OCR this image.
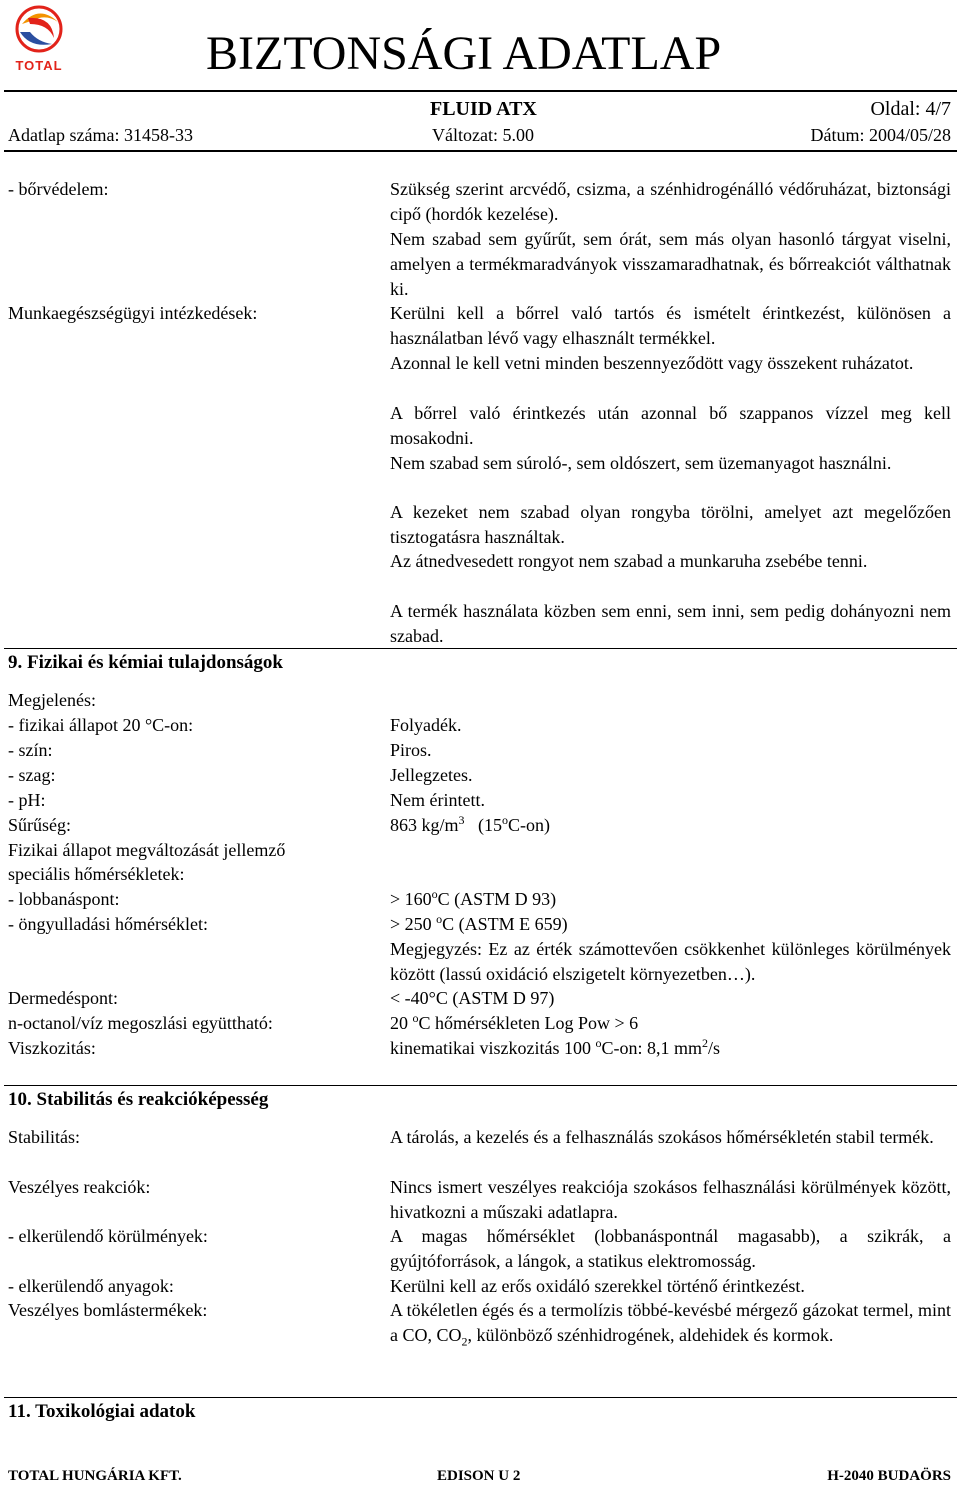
TOTAL	BIZTONSÁGI ADATLAP
FLUID ATX	Oldal: 4/7
Adatlap száma: 31458-33	Változat: 5.00	Dátum: 2004/05/28
- bőrvédelem:	Szükség szerint arcvédő, csizma, a szénhidrogénálló védőruházat, biztonsági cipő (hordók kezelése).
Nem szabad sem gyűrűt, sem órát, sem más olyan hasonló tárgyat viselni, amelyen a termékmaradványok visszamaradhatnak, és bőrreakciót válthatnak ki.
Munkaegészségügyi intézkedések:	Kerülni kell a bőrrel való tartós és ismételt érintkezést, különösen a használatban lévő vagy elhasznált termékkel.
Azonnal le kell vetni minden beszennyeződött vagy összekent ruházatot.
A bőrrel való érintkezés után azonnal bő szappanos vízzel meg kell mosakodni.
Nem szabad sem súroló-, sem oldószert, sem üzemanyagot használni.
A kezeket nem szabad olyan rongyba törölni, amelyet azt megelőzően tisztogatásra használtak.
Az átnedvesedett rongyot nem szabad a munkaruha zsebébe tenni.
A termék használata közben sem enni, sem inni, sem pedig dohányozni nem szabad.
9. Fizikai és kémiai tulajdonságok
Megjelenés:
- fizikai állapot 20 °C-on:	Folyadék.
- szín:	Piros.
- szag:	Jellegzetes.
- pH:	Nem érintett.
Sűrűség:	863 $kg/m^3$ (15$^o$C-on)
Fizikai állapot megváltozását jellemző
speciális hőmérsékletek:
- lobbanáspont:	> $160^oC$ (ASTM D 93)
- öngyulladási hőmérséklet:	> 250 $^o$C (ASTM E 659)
Megjegyzés: Ez az érték számottevően csökkenhet különleges körülmények között (lassú oxidáció elszigetelt környezetben…).
Dermedéspont:	< -40°C (ASTM D 97)
n-octanol/víz megoszlási együttható:	20 $^o$C hőmérsékleten Log Pow > 6
Viszkozitás:	kinematikai viszkozitás 100 $^o$C-on: 8,1 $mm^2/s$
10. Stabilitás és reakcióképesség
Stabilitás:	A tárolás, a kezelés és a felhasználás szokásos hőmérsékletén stabil termék.
Veszélyes reakciók:	Nincs ismert veszélyes reakciója szokásos felhasználási körülmények között, hivatkozni a műszaki adatlapra.
- elkerülendő körülmények:	A magas hőmérséklet (lobbanáspontnál magasabb), a szikrák, a gyújtóforrások, a lángok, a statikus elektromosság.
- elkerülendő anyagok:	Kerülni kell az erős oxidáló szerekkel történő érintkezést.
Veszélyes bomlástermékek:	A tökéletlen égés és a termolízis többé-kevésbé mérgező gázokat termel, mint a CO, $CO_2$, különböző szénhidrogének, aldehidek és kormok.
11. Toxikológiai adatok
TOTAL HUNGÁRIA KFT.	EDISON U 2	H-2040 BUDAÖRS
